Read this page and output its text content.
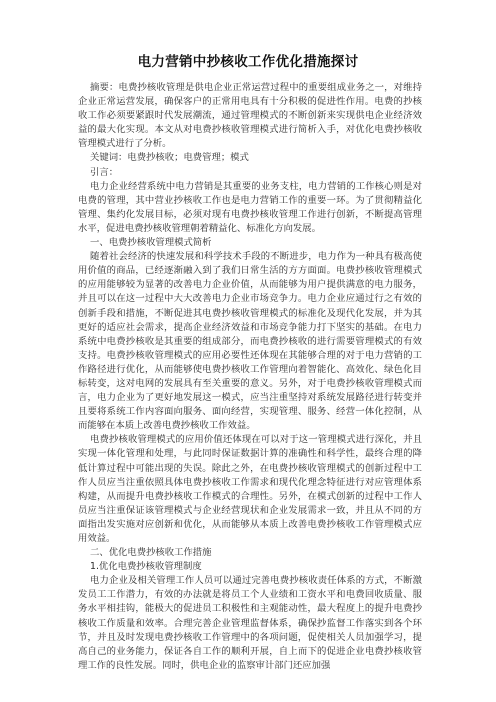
电力营销中抄核收工作优化措施探讨

摘要：电费抄核收管理是供电企业正常运营过程中的重要组成业务之一，对维持企业正常运营发展，确保客户的正常用电具有十分积极的促进性作用。电费的抄核收工作必须要紧跟时代发展潮流，通过管理模式的不断创新来实现供电企业经济效益的最大化实现。本文从对电费抄核收管理模式进行简析入手，对优化电费抄核收管理模式进行了分析。

关键词：电费抄核收；电费管理；模式

引言：

电力企业经营系统中电力营销是其重要的业务支柱，电力营销的工作核心则是对电费的管理，其中营业抄核收工作也是电力营销工作的重要一环。为了贯彻精益化管理、集约化发展目标，必须对现有电费抄核收管理工作进行创新，不断提高管理水平，促进电费抄核收管理朝着精益化、标准化方向发展。

一、电费抄核收管理模式简析

随着社会经济的快速发展和科学技术手段的不断进步，电力作为一种具有极高使用价值的商品，已经逐渐融入到了我们日常生活的方方面面。电费抄核收管理模式的应用能够较为显著的改善电力企业价值，从而能够为用户提供满意的电力服务，并且可以在这一过程中大大改善电力企业市场竞争力。电力企业应通过行之有效的创新手段和措施，不断促进其电费抄核收管理模式的标准化及现代化发展，并为其更好的适应社会需求，提高企业经济效益和市场竞争能力打下坚实的基础。在电力系统中电费抄核收是其重要的组成部分，而电费抄核收的进行需要管理模式的有效支持。电费抄核收管理模式的应用必要性还体现在其能够合理的对于电力营销的工作路径进行优化，从而能够使电费抄核收工作管理向着智能化、高效化、绿色化目标转变，这对电网的发展具有至关重要的意义。另外，对于电费抄核收管理模式而言，电力企业为了更好地发展这一模式，应当注重坚持对系统发展路径进行转变并且要将系统工作内容面向服务、面向经营，实现管理、服务、经营一体化控制，从而能够在本质上改善电费抄核收工作效益。

电费抄核收管理模式的应用价值还体现在可以对于这一管理模式进行深化，并且实现一体化管理和处理，与此同时保证数据计算的准确性和科学性，最终合理的降低计算过程中可能出现的失误。除此之外，在电费抄核收管理模式的创新过程中工作人员应当注重依照具体电费抄核收工作需求和现代化理念特征进行对应管理体系构建，从而提升电费抄核收工作模式的合理性。另外，在模式创新的过程中工作人员应当注重保证该管理模式与企业经营现状和企业发展需求一致，并且从不同的方面指出发实施对应创新和优化，从而能够从本质上改善电费抄核收工作管理模式应用效益。

二、优化电费抄核收工作措施

1.优化电费抄核收管理制度

电力企业及相关管理工作人员可以通过完善电费抄核收责任体系的方式，不断激发员工工作潜力，有效的办法就是将员工个人业绩和工资水平和电费回收质量、服务水平相挂钩，能极大的促进员工积极性和主观能动性，最大程度上的提升电费抄核收工作质量和效率。合理完善企业管理监督体系，确保抄监督工作落实到各个环节，并且及时发现电费抄核收工作管理中的各项问题，促使相关人员加强学习，提高自己的业务能力，保证各自工作的顺利开展，自上而下的促进企业电费抄核收管理工作的良性发展。同时，供电企业的监察审计部门还应加强
